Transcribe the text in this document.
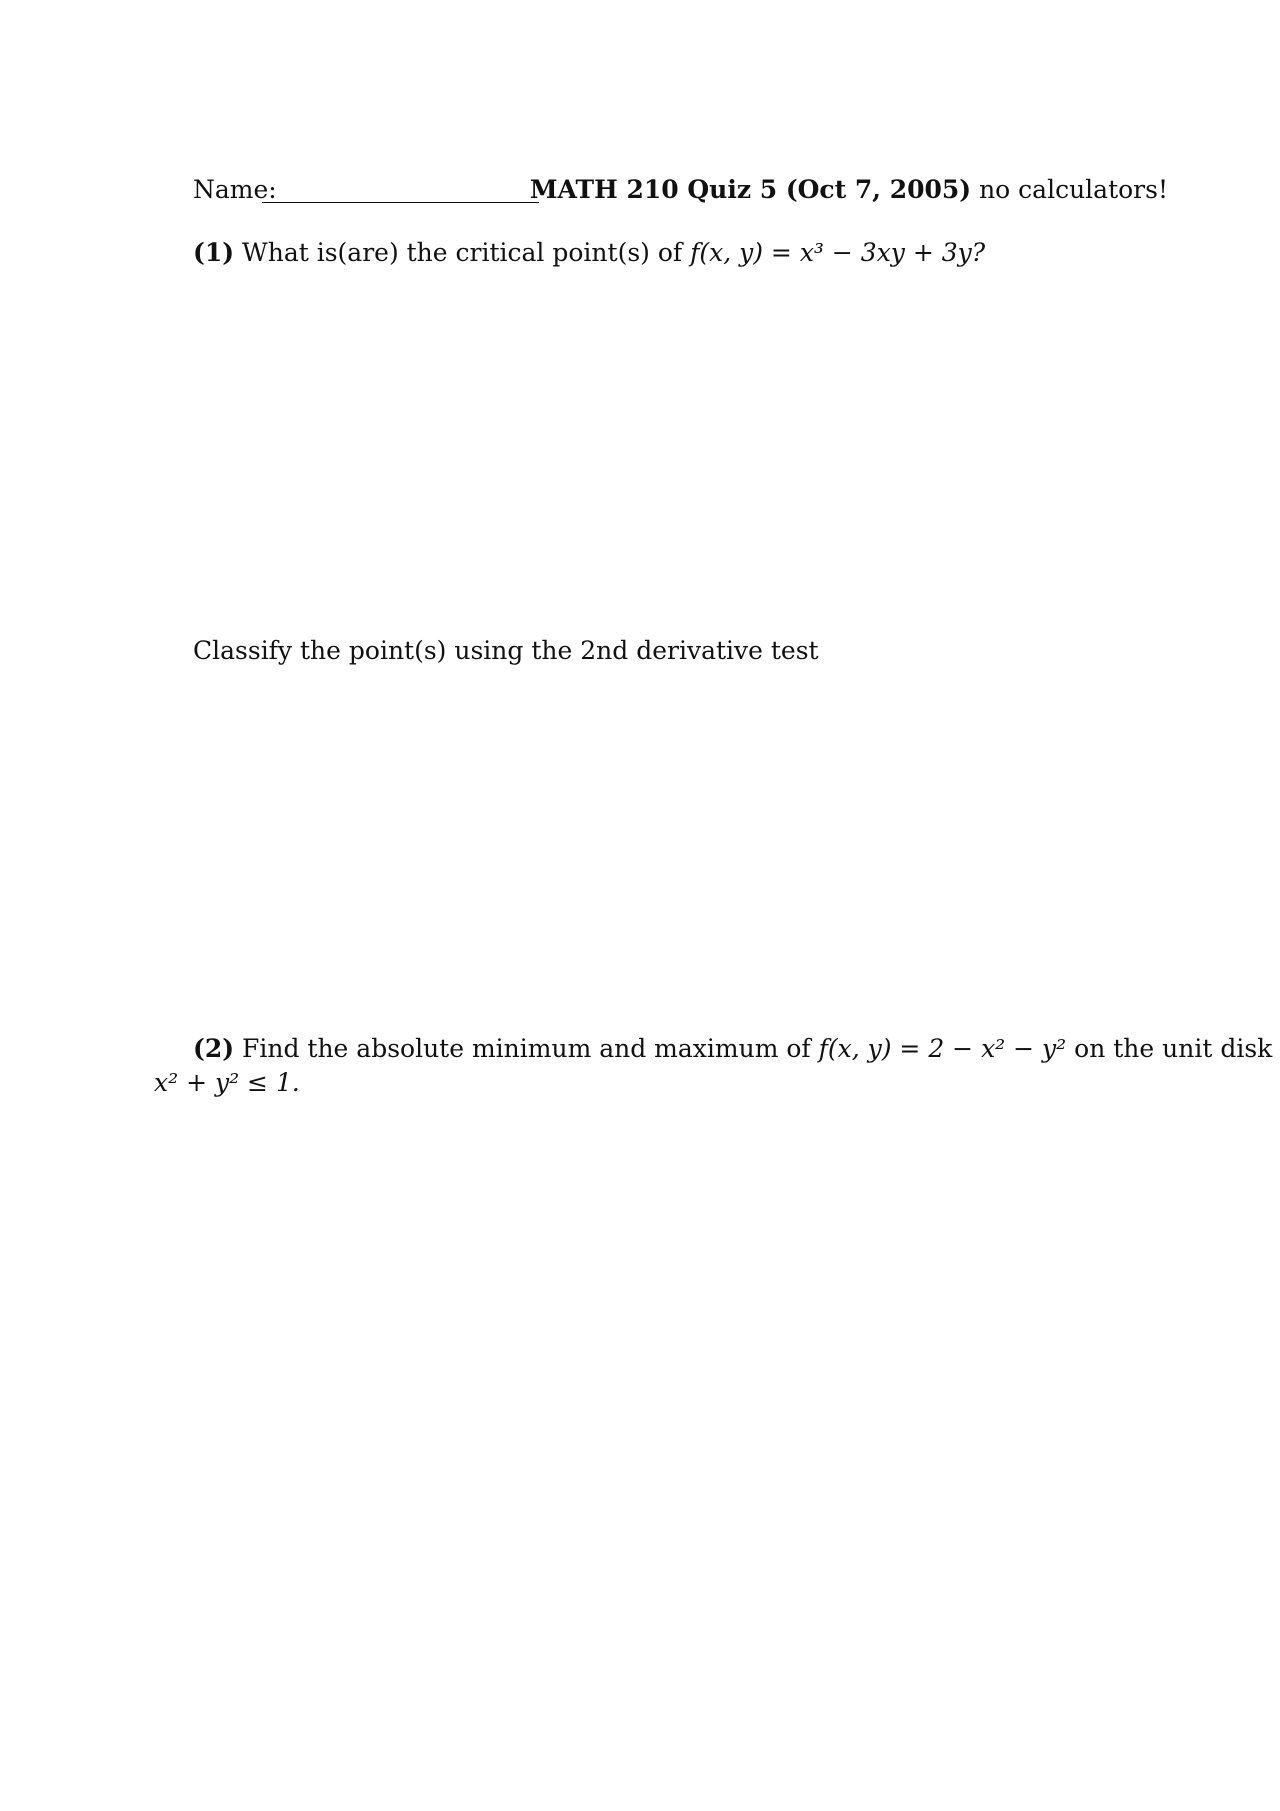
Name:	MATH 210 Quiz 5 (Oct 7, 2005) no calculators!
(1) What is(are) the critical point(s) of f(x, y) = x³ − 3xy + 3y?
Classify the point(s) using the 2nd derivative test
(2) Find the absolute minimum and maximum of f(x, y) = 2 − x² − y² on the unit disk
x² + y² ≤ 1.
